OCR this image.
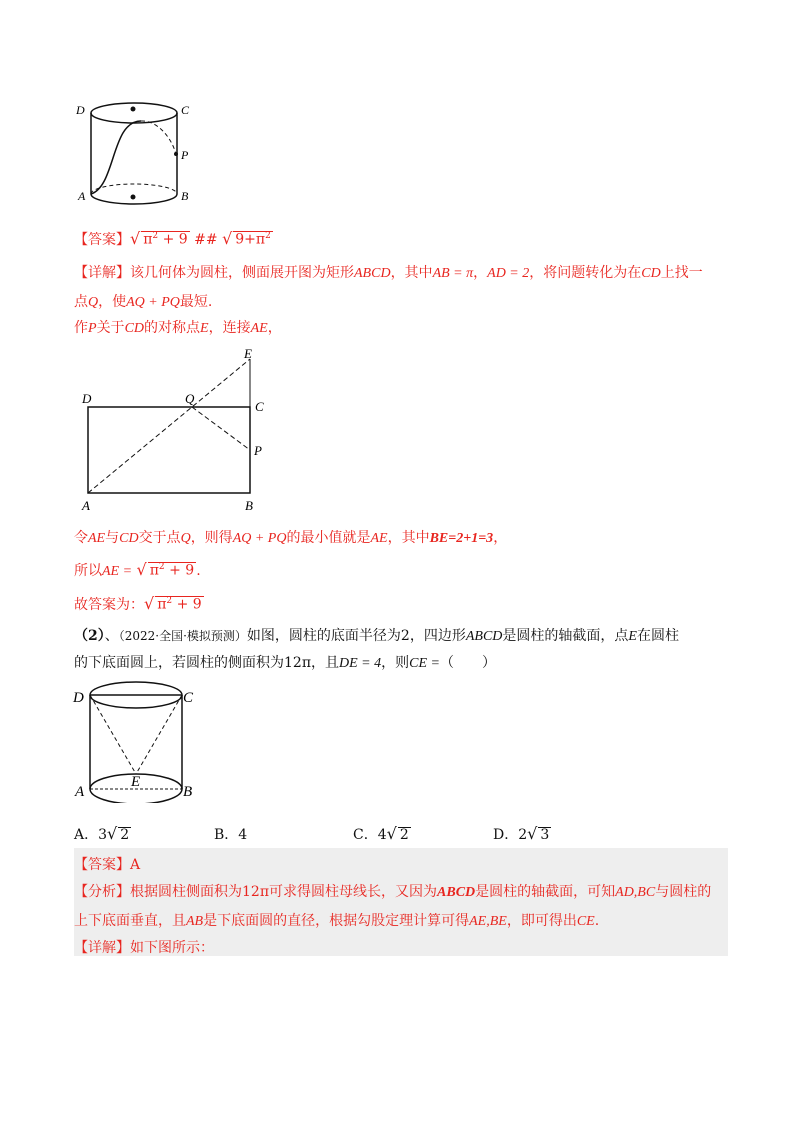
D	C
P
A	B
【答案】√ $\pi^2 + 9$ ## √ $9+\pi^2$
【详解】该几何体为圆柱，侧面展开图为矩形ABCD，其中AB = π，AD = 2，将问题转化为在CD上找一
点Q，使AQ + PQ最短.
作P关于CD的对称点E，连接AE，
E
D	Q
C
P
A	B
令AE与CD交于点Q，则得AQ + PQ的最小值就是AE，其中BE=2+1=3，
所以AE = √ $\pi^2 + 9$ .
故答案为：√ $\pi^2 + 9$
（2）、（2022·全国·模拟预测）如图，圆柱的底面半径为2，四边形ABCD是圆柱的轴截面，点E在圆柱
的下底面圆上，若圆柱的侧面积为12π，且DE = 4，则CE =（　　）
D	C
E
A	B
A．3√ 2	B．4	C．4√ 2	D．2√ 3
【答案】A
【分析】根据圆柱侧面积为12π可求得圆柱母线长，又因为ABCD是圆柱的轴截面，可知AD,BC与圆柱的
上下底面垂直，且AB是下底面圆的直径，根据勾股定理计算可得AE,BE，即可得出CE.
【详解】如下图所示：
